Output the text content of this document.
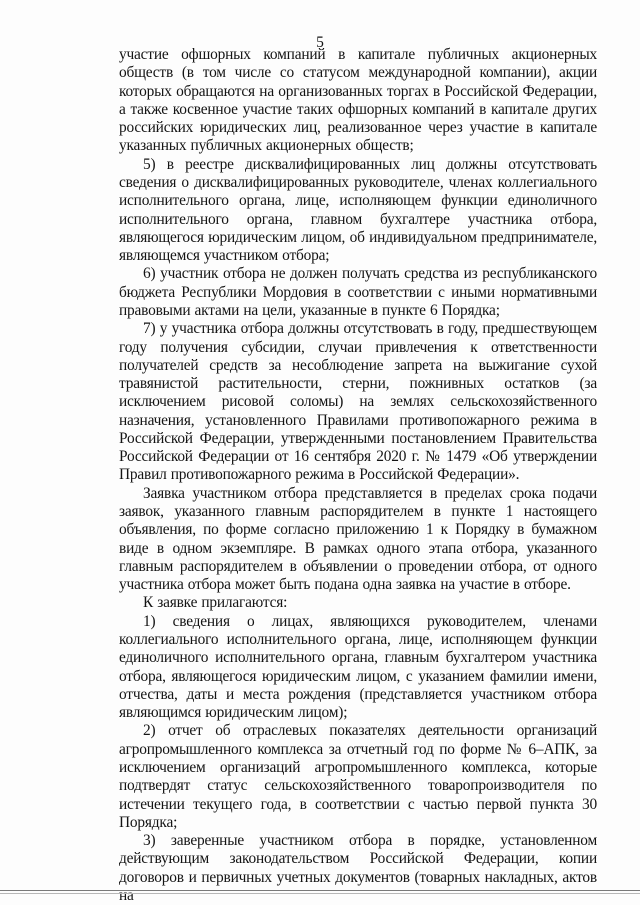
5

участие офшорных компаний в капитале публичных акционерных обществ (в том числе со статусом международной компании), акции которых обращаются на организованных торгах в Российской Федерации, а также косвенное участие таких офшорных компаний в капитале других российских юридических лиц, реализованное через участие в капитале указанных публичных акционерных обществ;

5) в реестре дисквалифицированных лиц должны отсутствовать сведения о дисквалифицированных руководителе, членах коллегиального исполнительного органа, лице, исполняющем функции единоличного исполнительного органа, главном бухгалтере участника отбора, являющегося юридическим лицом, об индивидуальном предпринимателе, являющемся участником отбора;

6) участник отбора не должен получать средства из республиканского бюджета Республики Мордовия в соответствии с иными нормативными правовыми актами на цели, указанные в пункте 6 Порядка;

7) у участника отбора должны отсутствовать в году, предшествующем году получения субсидии, случаи привлечения к ответственности получателей средств за несоблюдение запрета на выжигание сухой травянистой растительности, стерни, пожнивных остатков (за исключением рисовой соломы) на землях сельскохозяйственного назначения, установленного Правилами противопожарного режима в Российской Федерации, утвержденными постановлением Правительства Российской Федерации от 16 сентября 2020 г. № 1479 «Об утверждении Правил противопожарного режима в Российской Федерации».

Заявка участником отбора представляется в пределах срока подачи заявок, указанного главным распорядителем в пункте 1 настоящего объявления, по форме согласно приложению 1 к Порядку в бумажном виде в одном экземпляре. В рамках одного этапа отбора, указанного главным распорядителем в объявлении о проведении отбора, от одного участника отбора может быть подана одна заявка на участие в отборе.

К заявке прилагаются:

1) сведения о лицах, являющихся руководителем, членами коллегиального исполнительного органа, лице, исполняющем функции единоличного исполнительного органа, главным бухгалтером участника отбора, являющегося юридическим лицом, с указанием фамилии имени, отчества, даты и места рождения (представляется участником отбора являющимся юридическим лицом);

2) отчет об отраслевых показателях деятельности организаций агропромышленного комплекса за отчетный год по форме № 6–АПК, за исключением организаций агропромышленного комплекса, которые подтвердят статус сельскохозяйственного товаропроизводителя по истечении текущего года, в соответствии с частью первой пункта 30 Порядка;

3) заверенные участником отбора в порядке, установленном действующим законодательством Российской Федерации, копии договоров и первичных учетных документов (товарных накладных, актов на
